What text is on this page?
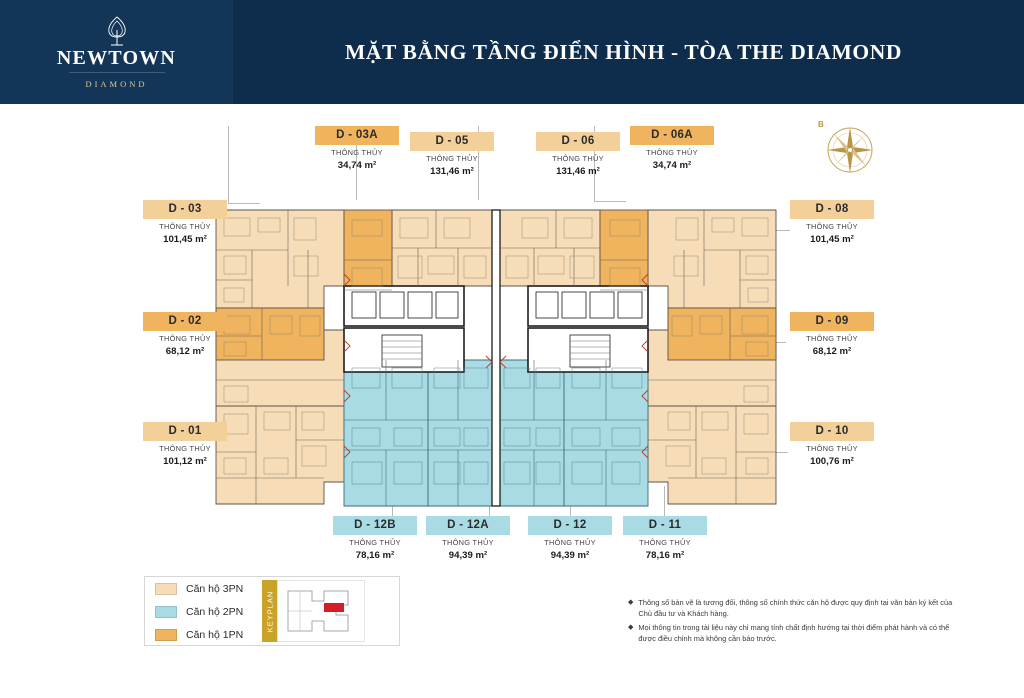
NEWTOWN
DIAMOND
MẶT BẰNG TẦNG ĐIỂN HÌNH - TÒA THE DIAMOND
B
D - 03A
THÔNG THỦY
34,74 m²
D - 05
THÔNG THỦY
131,46 m²
D - 06
THÔNG THỦY
131,46 m²
D - 06A
THÔNG THỦY
34,74 m²
D - 03
THÔNG THỦY
101,45 m²
D - 02
THÔNG THỦY
68,12 m²
D - 01
THÔNG THỦY
101,12 m²
D - 08
THÔNG THỦY
101,45 m²
D - 09
THÔNG THỦY
68,12 m²
D - 10
THÔNG THỦY
100,76 m²
D - 12B
THÔNG THỦY
78,16 m²
D - 12A
THÔNG THỦY
94,39 m²
D - 12
THÔNG THỦY
94,39 m²
D - 11
THÔNG THỦY
78,16 m²
Căn hộ 3PN
Căn hộ 2PN
Căn hộ 1PN
KEYPLAN	◆ Thông số bản vẽ là tương đối, thông số chính thức căn hộ được quy định tại văn bản ký kết của Chủ đầu tư và Khách hàng.
◆ Mọi thông tin trong tài liệu này chỉ mang tính chất định hướng tại thời điểm phát hành và có thể được điều chỉnh mà không cần báo trước.
